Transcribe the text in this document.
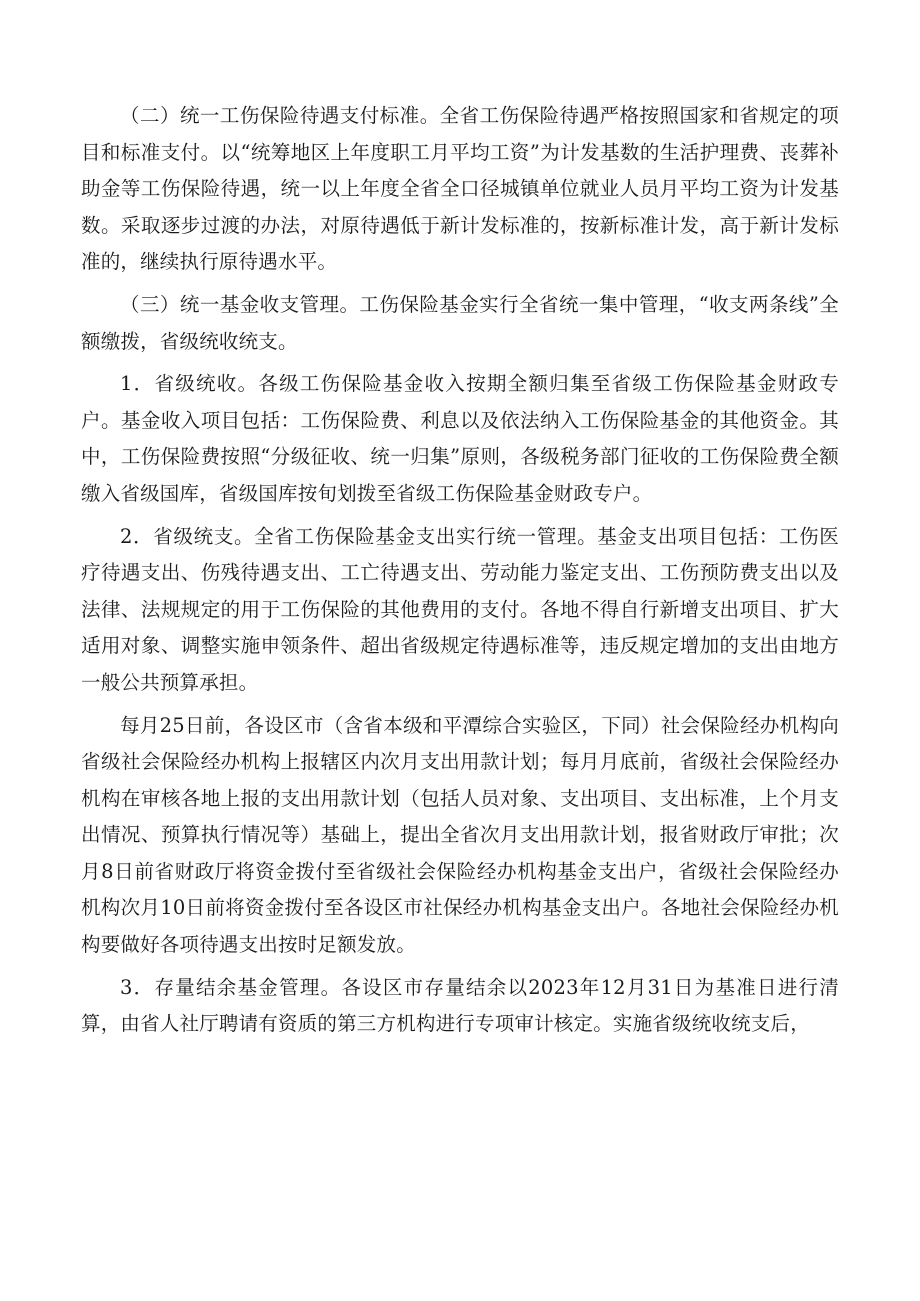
（二）统一工伤保险待遇支付标准。全省工伤保险待遇严格按照国家和省规定的项目和标准支付。以“统筹地区上年度职工月平均工资”为计发基数的生活护理费、丧葬补助金等工伤保险待遇，统一以上年度全省全口径城镇单位就业人员月平均工资为计发基数。采取逐步过渡的办法，对原待遇低于新计发标准的，按新标准计发，高于新计发标准的，继续执行原待遇水平。

（三）统一基金收支管理。工伤保险基金实行全省统一集中管理，“收支两条线”全额缴拨，省级统收统支。

1．省级统收。各级工伤保险基金收入按期全额归集至省级工伤保险基金财政专户。基金收入项目包括：工伤保险费、利息以及依法纳入工伤保险基金的其他资金。其中，工伤保险费按照“分级征收、统一归集”原则，各级税务部门征收的工伤保险费全额缴入省级国库，省级国库按旬划拨至省级工伤保险基金财政专户。

2．省级统支。全省工伤保险基金支出实行统一管理。基金支出项目包括：工伤医疗待遇支出、伤残待遇支出、工亡待遇支出、劳动能力鉴定支出、工伤预防费支出以及法律、法规规定的用于工伤保险的其他费用的支付。各地不得自行新增支出项目、扩大适用对象、调整实施申领条件、超出省级规定待遇标准等，违反规定增加的支出由地方一般公共预算承担。

每月25日前，各设区市（含省本级和平潭综合实验区，下同）社会保险经办机构向省级社会保险经办机构上报辖区内次月支出用款计划；每月月底前，省级社会保险经办机构在审核各地上报的支出用款计划（包括人员对象、支出项目、支出标准，上个月支出情况、预算执行情况等）基础上，提出全省次月支出用款计划，报省财政厅审批；次月8日前省财政厅将资金拨付至省级社会保险经办机构基金支出户，省级社会保险经办机构次月10日前将资金拨付至各设区市社保经办机构基金支出户。各地社会保险经办机构要做好各项待遇支出按时足额发放。

3．存量结余基金管理。各设区市存量结余以2023年12月31日为基准日进行清算，由省人社厅聘请有资质的第三方机构进行专项审计核定。实施省级统收统支后，
